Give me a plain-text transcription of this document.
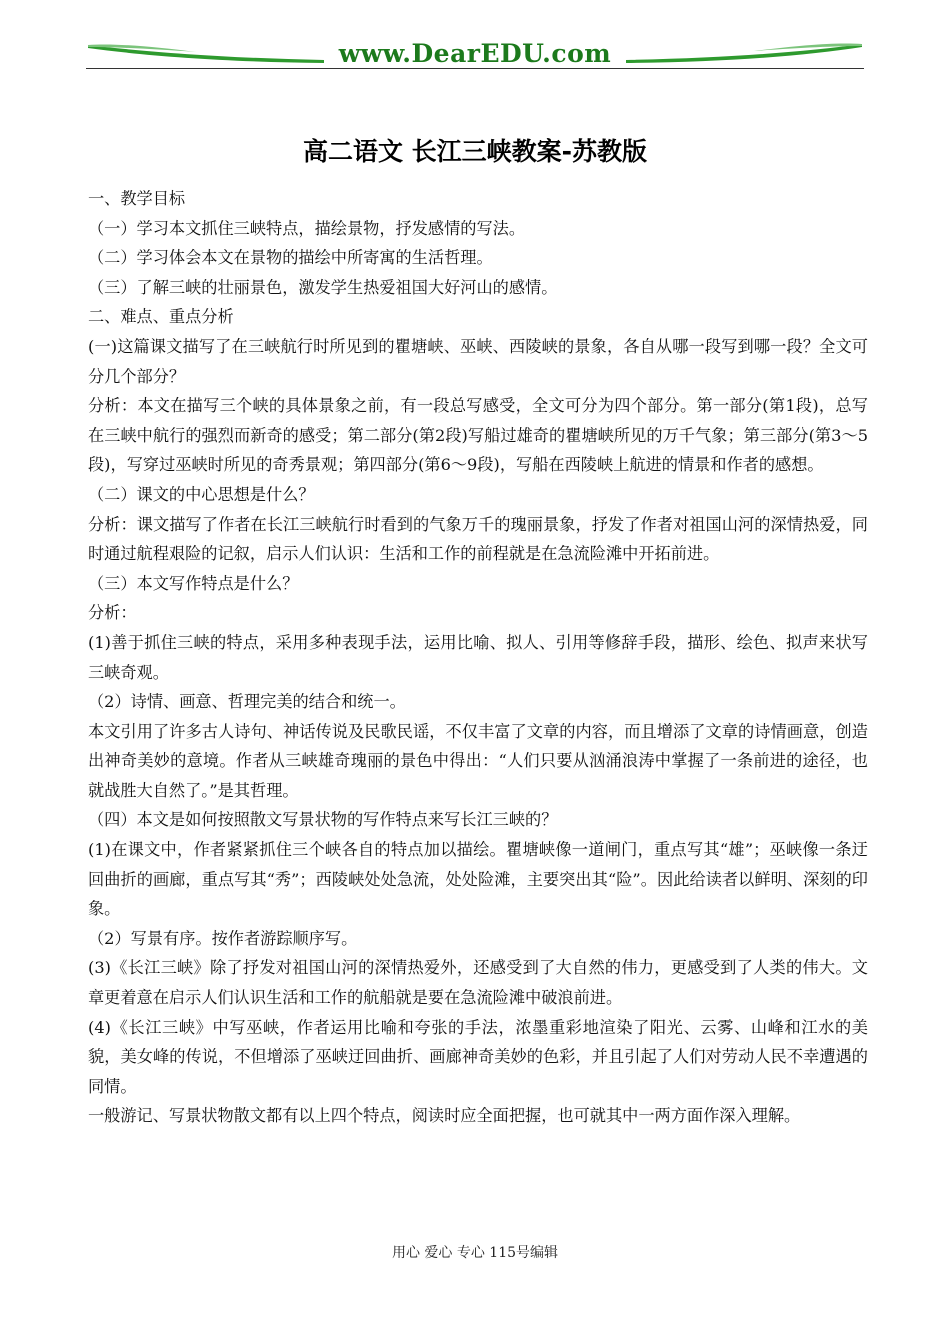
www.DearEDU.com
高二语文 长江三峡教案-苏教版

一、教学目标

（一）学习本文抓住三峡特点，描绘景物，抒发感情的写法。

（二）学习体会本文在景物的描绘中所寄寓的生活哲理。

（三）了解三峡的壮丽景色，激发学生热爱祖国大好河山的感情。

二、难点、重点分析

(一)这篇课文描写了在三峡航行时所见到的瞿塘峡、巫峡、西陵峡的景象，各自从哪一段写到哪一段？全文可分几个部分？

分析：本文在描写三个峡的具体景象之前，有一段总写感受，全文可分为四个部分。第一部分(第1段)，总写在三峡中航行的强烈而新奇的感受；第二部分(第2段)写船过雄奇的瞿塘峡所见的万千气象；第三部分(第3～5段)，写穿过巫峡时所见的奇秀景观；第四部分(第6～9段)，写船在西陵峡上航进的情景和作者的感想。

（二）课文的中心思想是什么？

分析：课文描写了作者在长江三峡航行时看到的气象万千的瑰丽景象，抒发了作者对祖国山河的深情热爱，同时通过航程艰险的记叙，启示人们认识：生活和工作的前程就是在急流险滩中开拓前进。

（三）本文写作特点是什么？

分析：

(1)善于抓住三峡的特点，采用多种表现手法，运用比喻、拟人、引用等修辞手段，描形、绘色、拟声来状写三峡奇观。

（2）诗情、画意、哲理完美的结合和统一。

本文引用了许多古人诗句、神话传说及民歌民谣，不仅丰富了文章的内容，而且增添了文章的诗情画意，创造出神奇美妙的意境。作者从三峡雄奇瑰丽的景色中得出：“人们只要从汹涌浪涛中掌握了一条前进的途径，也就战胜大自然了。”是其哲理。

（四）本文是如何按照散文写景状物的写作特点来写长江三峡的？

(1)在课文中，作者紧紧抓住三个峡各自的特点加以描绘。瞿塘峡像一道闸门，重点写其“雄”；巫峡像一条迂回曲折的画廊，重点写其“秀”；西陵峡处处急流，处处险滩，主要突出其“险”。因此给读者以鲜明、深刻的印象。

（2）写景有序。按作者游踪顺序写。

(3)《长江三峡》除了抒发对祖国山河的深情热爱外，还感受到了大自然的伟力，更感受到了人类的伟大。文章更着意在启示人们认识生活和工作的航船就是要在急流险滩中破浪前进。

(4)《长江三峡》中写巫峡，作者运用比喻和夸张的手法，浓墨重彩地渲染了阳光、云雾、山峰和江水的美貌，美女峰的传说，不但增添了巫峡迂回曲折、画廊神奇美妙的色彩，并且引起了人们对劳动人民不幸遭遇的同情。

一般游记、写景状物散文都有以上四个特点，阅读时应全面把握，也可就其中一两方面作深入理解。

用心 爱心 专心 115号编辑
